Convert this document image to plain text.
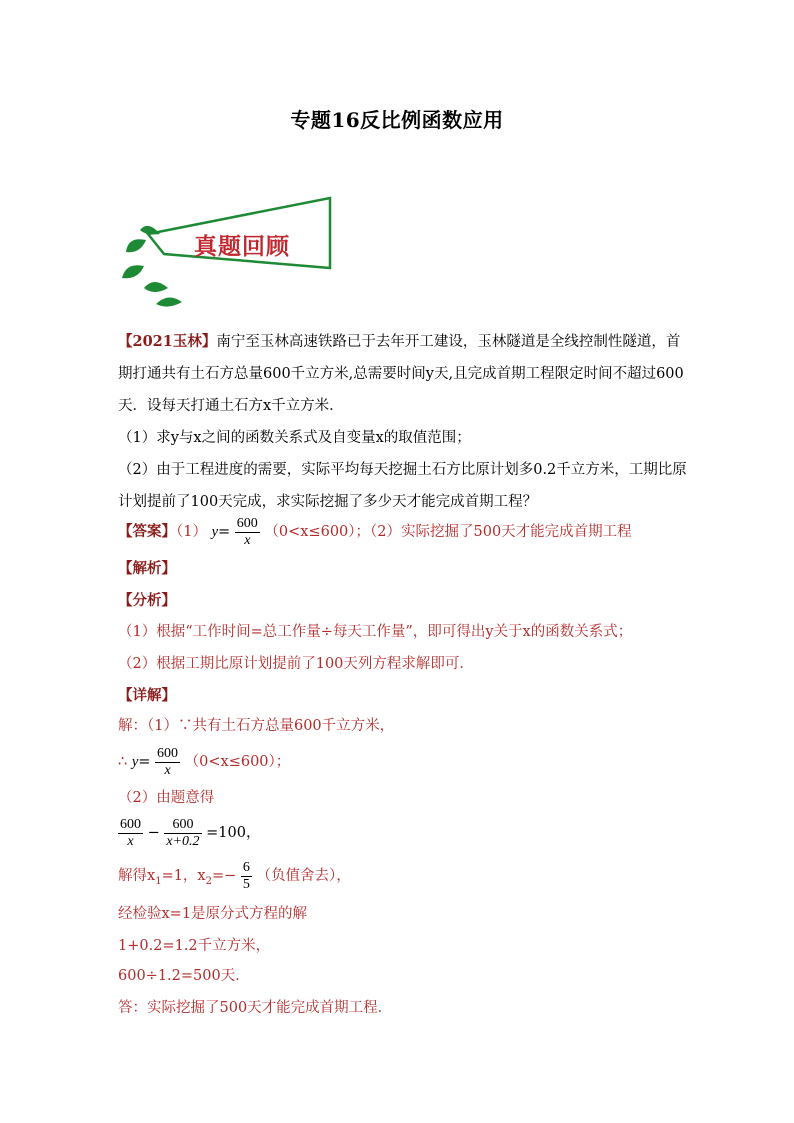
专题16反比例函数应用
真题回顾
【2021玉林】南宁至玉林高速铁路已于去年开工建设，玉林隧道是全线控制性隧道，首
期打通共有土石方总量600千立方米,总需要时间y天,且完成首期工程限定时间不超过600
天．设每天打通土石方x千立方米．
（1）求y与x之间的函数关系式及自变量x的取值范围；
（2）由于工程进度的需要，实际平均每天挖掘土石方比原计划多0.2千立方米，工期比原
计划提前了100天完成，求实际挖掘了多少天才能完成首期工程？
【答案】（1） $y= \frac{600}{x} (0<x\le 600)$；（2）实际挖掘了500天才能完成首期工程
【解析】
【分析】
（1）根据“工作时间=总工作量÷每天工作量”，即可得出y关于x的函数关系式；
（2）根据工期比原计划提前了100天列方程求解即可．
【详解】
解：（1）∵共有土石方总量600千立方米，
∴ $y= \frac{600}{x} (0<x\le 600)$；
（2）由题意得
$\frac{600}{x} - \frac{600}{x+0.2} =100$，
解得$x_1=1$，$x_2=- \frac{6}{5}$ （负值舍去），
经检验x=1是原分式方程的解
1+0.2=1.2千立方米，
600÷1.2=500天．
答：实际挖掘了500天才能完成首期工程．
